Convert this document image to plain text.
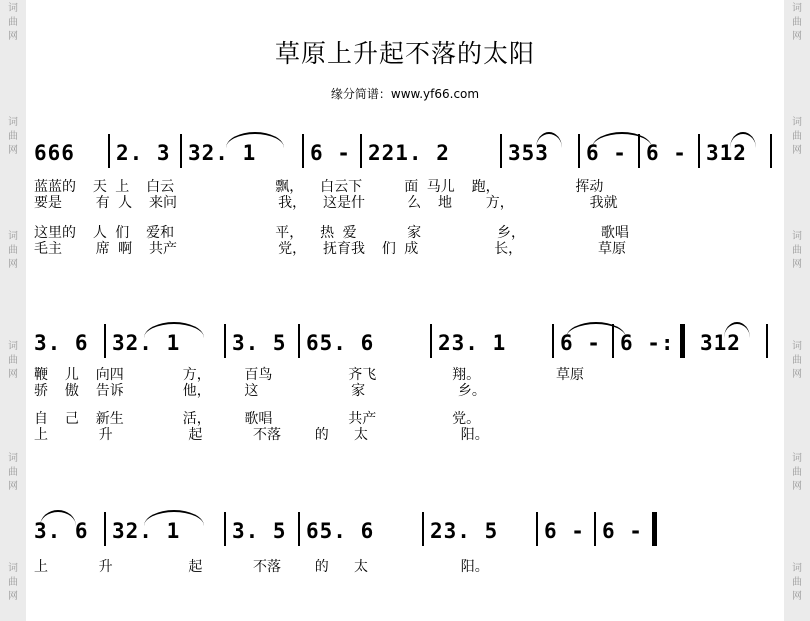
词
曲
网
词
曲
网
词
曲
网
词
曲
网
词
曲
网
词
曲
网
词
曲
网
词
曲
网
词
曲
网
词
曲
网
词
曲
网
词
曲
网
草原上升起不落的太阳
缘分简谱：www.yf66.com
666 2. 3 32. 1	6 - 221. 2	353 6 - 6 - 312
蓝蓝的  天 上  白云            飘，  白云下     面 马儿  跑，         挥动
要是    有 人  来问            我，  这是什     么  地    方，         我就
这里的  人 们  爱和            平，  热 爱      家         乡，         歌唱
毛主    席 啊  共产            党，  抚育我  们 成         长，         草原
3. 6 32. 1 3. 5 65. 6	23. 1	6 - 6 -: 312
鞭  儿  向四       方，    百鸟         齐飞         翔。         草原
骄  傲  告诉       他，    这           家           乡。
自  己  新生       活，    歌唱         共产         党。
上      升         起      不落    的   太           阳。
3. 6 32. 1 3. 5 65. 6	23. 5 6 - 6 -
上      升         起      不落    的   太           阳。
